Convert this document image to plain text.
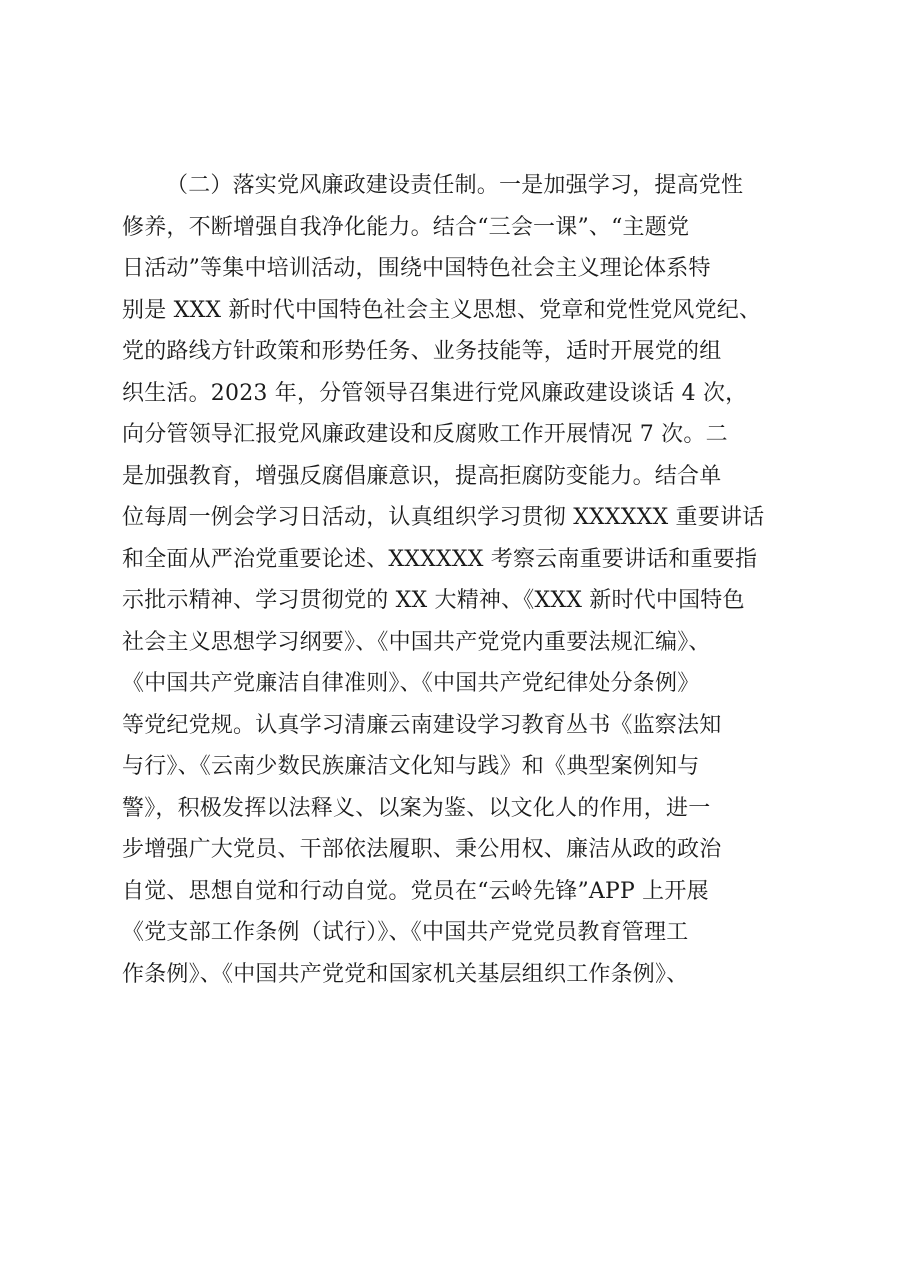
（二）落实党风廉政建设责任制。一是加强学习，提高党性
修养，不断增强自我净化能力。结合“三会一课”、“主题党
日活动”等集中培训活动，围绕中国特色社会主义理论体系特
别是 XXX 新时代中国特色社会主义思想、党章和党性党风党纪、
党的路线方针政策和形势任务、业务技能等，适时开展党的组
织生活。2023 年，分管领导召集进行党风廉政建设谈话 4 次，
向分管领导汇报党风廉政建设和反腐败工作开展情况 7 次。二
是加强教育，增强反腐倡廉意识，提高拒腐防变能力。结合单
位每周一例会学习日活动，认真组织学习贯彻 XXXXXX 重要讲话
和全面从严治党重要论述、XXXXXX 考察云南重要讲话和重要指
示批示精神、学习贯彻党的 XX 大精神、《XXX 新时代中国特色
社会主义思想学习纲要》、《中国共产党党内重要法规汇编》、
《中国共产党廉洁自律准则》、《中国共产党纪律处分条例》
等党纪党规。认真学习清廉云南建设学习教育丛书《监察法知
与行》、《云南少数民族廉洁文化知与践》和《典型案例知与
警》，积极发挥以法释义、以案为鉴、以文化人的作用，进一
步增强广大党员、干部依法履职、秉公用权、廉洁从政的政治
自觉、思想自觉和行动自觉。党员在“云岭先锋”APP 上开展
《党支部工作条例（试行）》、《中国共产党党员教育管理工
作条例》、《中国共产党党和国家机关基层组织工作条例》、
